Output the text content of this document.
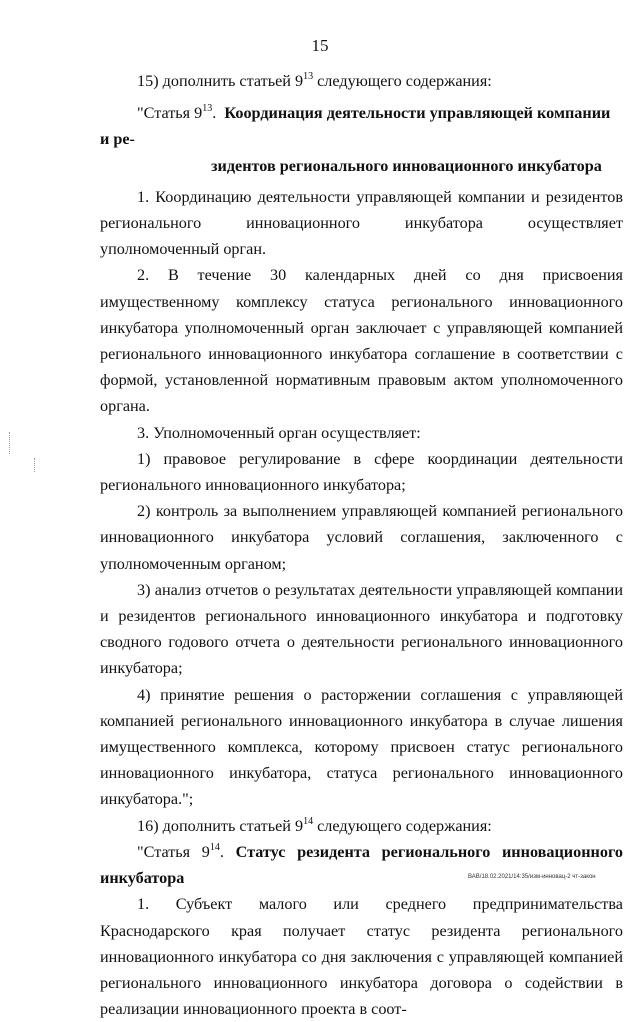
15

15) дополнить статьей $9^{13}$ следующего содержания:

"Статья $9^{13}$. Координация деятельности управляющей компании и ре-
зидентов регионального инновационного инкубатора

1. Координацию деятельности управляющей компании и резидентов регионального инновационного инкубатора осуществляет уполномоченный орган.

2. В течение 30 календарных дней со дня присвоения имущественному комплексу статуса регионального инновационного инкубатора уполномоченный орган заключает с управляющей компанией регионального инновационного инкубатора соглашение в соответствии с формой, установленной нормативным правовым актом уполномоченного органа.

3. Уполномоченный орган осуществляет:

1) правовое регулирование в сфере координации деятельности регионального инновационного инкубатора;

2) контроль за выполнением управляющей компанией регионального инновационного инкубатора условий соглашения, заключенного с уполномоченным органом;

3) анализ отчетов о результатах деятельности управляющей компании и резидентов регионального инновационного инкубатора и подготовку сводного годового отчета о деятельности регионального инновационного инкубатора;

4) принятие решения о расторжении соглашения с управляющей компанией регионального инновационного инкубатора в случае лишения имущественного комплекса, которому присвоен статус регионального инновационного инкубатора, статуса регионального инновационного инкубатора.";

16) дополнить статьей $9^{14}$ следующего содержания:

"Статья $9^{14}$. Статус резидента регионального инновационного инкубатора

1. Субъект малого или среднего предпринимательства Краснодарского края получает статус резидента регионального инновационного инкубатора со дня заключения с управляющей компанией регионального инновационного инкубатора договора о содействии в реализации инновационного проекта в соот-

ВАВ/18.02.2021/14:35/изм-инновац-2 чт-закон
